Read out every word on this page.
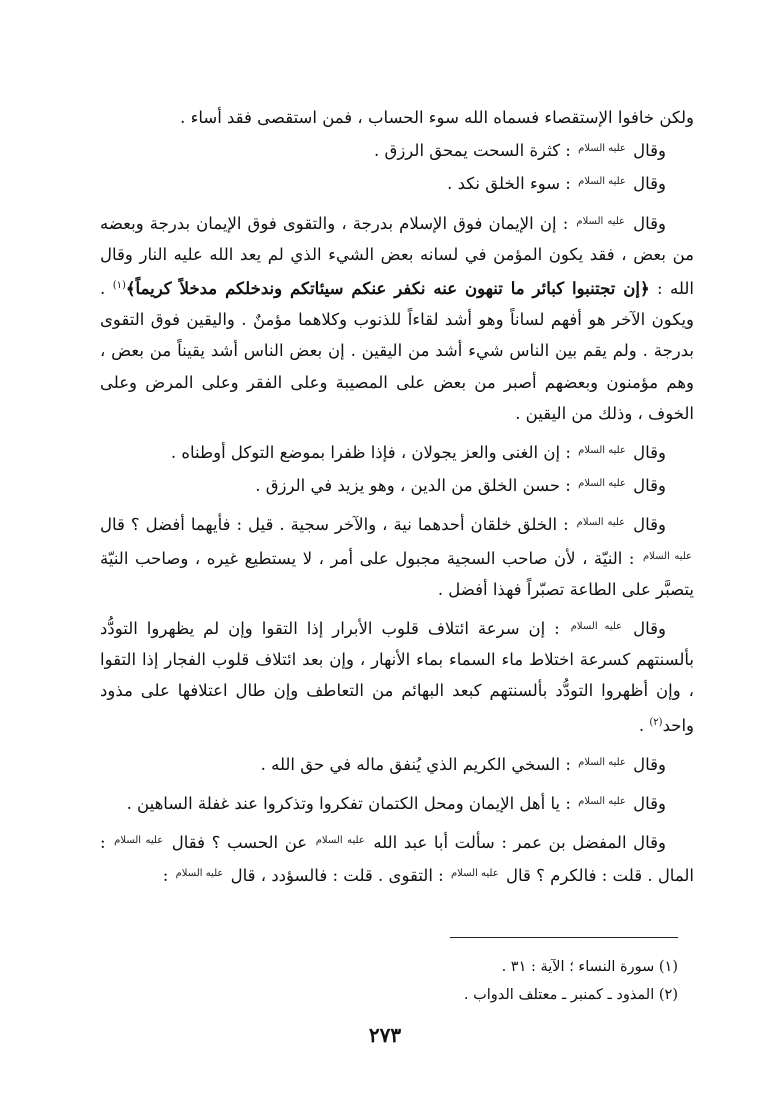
ولكن خافوا الإستقصاء فسماه الله سوء الحساب ، فمن استقصى فقد أساء .

وقال $^{عليه السلام}$ : كثرة السحت يمحق الرزق .

وقال $^{عليه السلام}$ : سوء الخلق نكد .

وقال $^{عليه السلام}$ : إن الإيمان فوق الإسلام بدرجة ، والتقوى فوق الإيمان بدرجة وبعضه من بعض ، فقد يكون المؤمن في لسانه بعض الشيء الذي لم يعد الله عليه النار وقال الله : ﴿إن تجتنبوا كبائر ما تنهون عنه نكفر عنكم سيئاتكم وندخلكم مدخلاً كريماً﴾$^{(١)}$ . ويكون الآخر هو أفهم لساناً وهو أشد لقاءاً للذنوب وكلاهما مؤمنٌ . واليقين فوق التقوى بدرجة . ولم يقم بين الناس شيء أشد من اليقين . إن بعض الناس أشد يقيناً من بعض ، وهم مؤمنون وبعضهم أصبر من بعض على المصيبة وعلى الفقر وعلى المرض وعلى الخوف ، وذلك من اليقين .

وقال $^{عليه السلام}$ : إن الغنى والعز يجولان ، فإذا ظفرا بموضع التوكل أوطناه .

وقال $^{عليه السلام}$ : حسن الخلق من الدين ، وهو يزيد في الرزق .

وقال $^{عليه السلام}$ : الخلق خلقان أحدهما نية ، والآخر سجية . قيل : فأيهما أفضل ؟ قال $^{عليه السلام}$ : النيّة ، لأن صاحب السجية مجبول على أمر ، لا يستطيع غيره ، وصاحب النيّة يتصبَّر على الطاعة تصبّراً فهذا أفضل .

وقال $^{عليه السلام}$ : إن سرعة ائتلاف قلوب الأبرار إذا التقوا وإن لم يظهروا التودُّد بألسنتهم كسرعة اختلاط ماء السماء بماء الأنهار ، وإن بعد ائتلاف قلوب الفجار إذا التقوا ، وإن أظهروا التودُّد بألسنتهم كبعد البهائم من التعاطف وإن طال اعتلافها على مذود واحد$^{(٢)}$ .

وقال $^{عليه السلام}$ : السخي الكريم الذي يُنفق ماله في حق الله .

وقال $^{عليه السلام}$ : يا أهل الإيمان ومحل الكتمان تفكروا وتذكروا عند غفلة الساهين .

وقال المفضل بن عمر : سألت أبا عبد الله $^{عليه السلام}$ عن الحسب ؟ فقال $^{عليه السلام}$ : المال . قلت : فالكرم ؟ قال $^{عليه السلام}$ : التقوى . قلت : فالسؤدد ، قال $^{عليه السلام}$ :

(١) سورة النساء ؛ الآية : ٣١ .

(٢) المذود ـ كمنبر ـ معتلف الدواب .

٢٧٣
